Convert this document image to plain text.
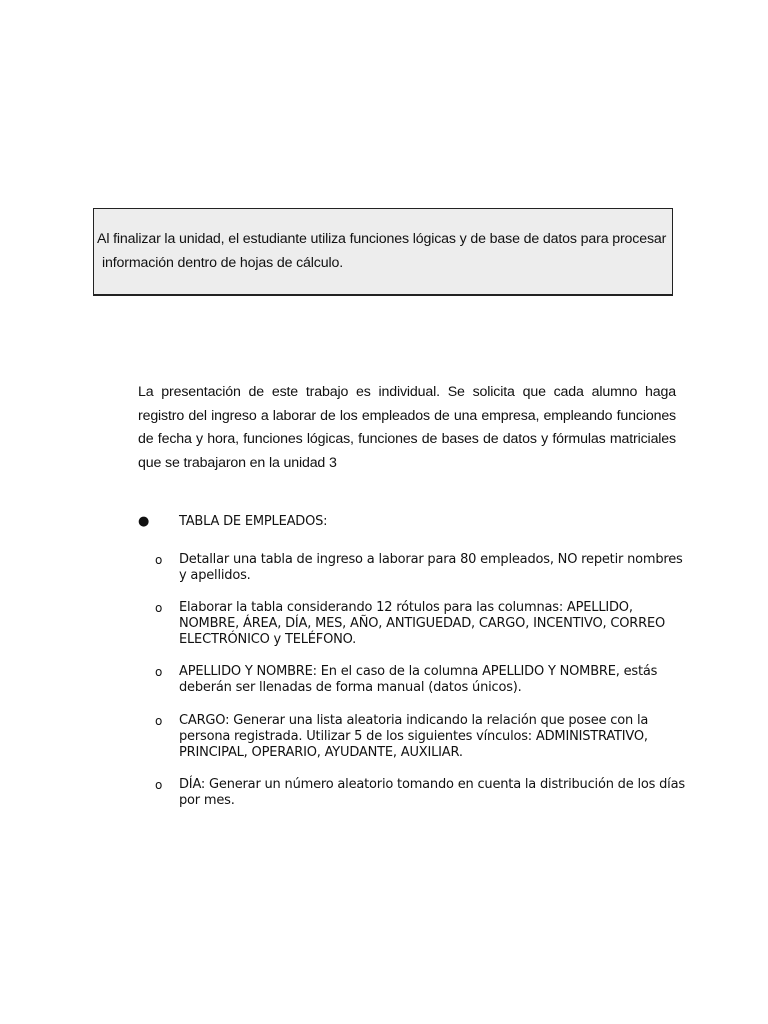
Al finalizar la unidad, el estudiante utiliza funciones lógicas y de base de datos para procesar

información dentro de hojas de cálculo.

La presentación de este trabajo es individual. Se solicita que cada alumno haga registro del ingreso a laborar de los empleados de una empresa, empleando funciones de fecha y hora, funciones lógicas, funciones de bases de datos y fórmulas matriciales que se trabajaron en la unidad 3

● TABLA DE EMPLEADOS:
o Detallar una tabla de ingreso a laborar para 80 empleados, NO repetir nombres
y apellidos.

o Elaborar la tabla considerando 12 rótulos para las columnas: APELLIDO,
NOMBRE, ÁREA, DÍA, MES, AÑO, ANTIGUEDAD, CARGO, INCENTIVO, CORREO
ELECTRÓNICO y TELÉFONO.

o APELLIDO Y NOMBRE: En el caso de la columna APELLIDO Y NOMBRE, estás
deberán ser llenadas de forma manual (datos únicos).

o CARGO: Generar una lista aleatoria indicando la relación que posee con la
persona registrada. Utilizar 5 de los siguientes vínculos: ADMINISTRATIVO,
PRINCIPAL, OPERARIO, AYUDANTE, AUXILIAR.

o DÍA: Generar un número aleatorio tomando en cuenta la distribución de los días
por mes.
